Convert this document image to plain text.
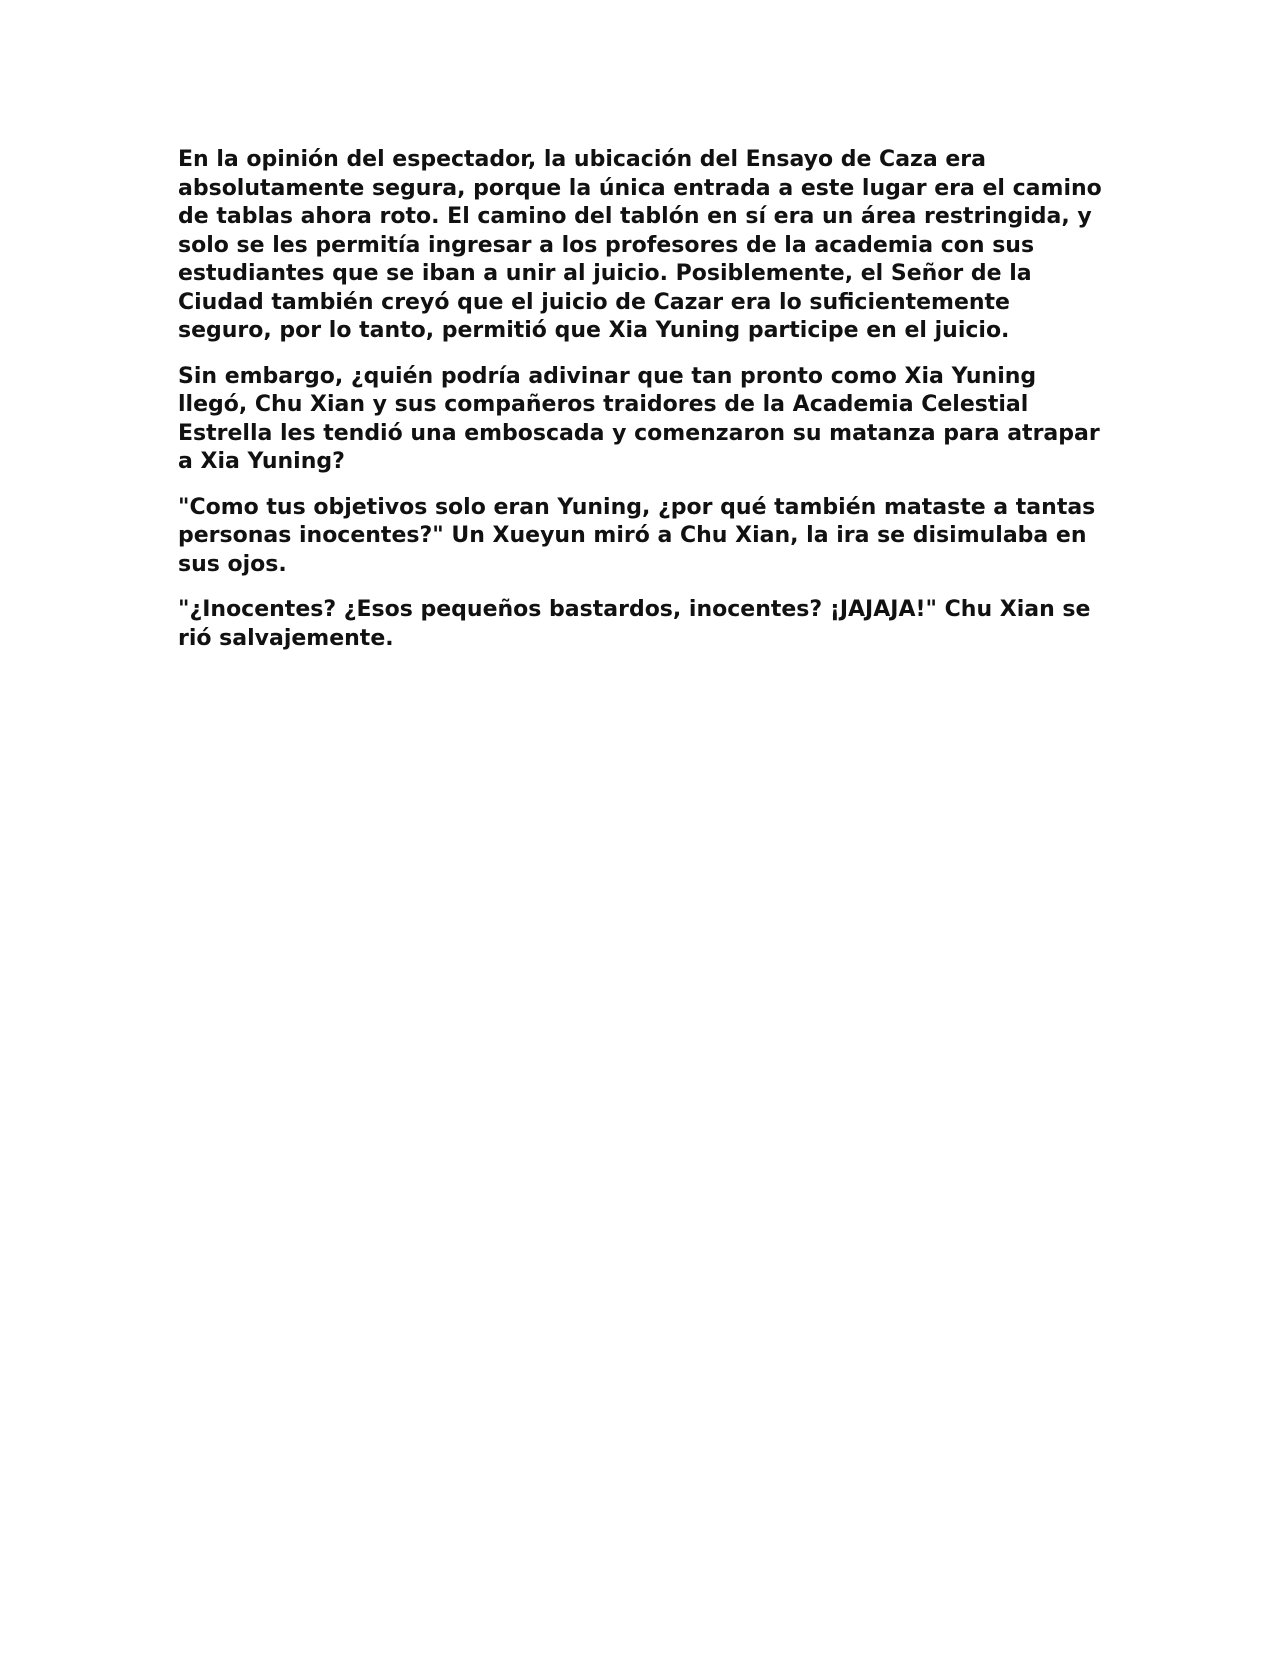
En la opinión del espectador, la ubicación del Ensayo de Caza era absolutamente segura, porque la única entrada a este lugar era el camino de tablas ahora roto. El camino del tablón en sí era un área restringida, y solo se les permitía ingresar a los profesores de la academia con sus estudiantes que se iban a unir al juicio. Posiblemente, el Señor de la Ciudad también creyó que el juicio de Cazar era lo suficientemente seguro, por lo tanto, permitió que Xia Yuning participe en el juicio.

Sin embargo, ¿quién podría adivinar que tan pronto como Xia Yuning llegó, Chu Xian y sus compañeros traidores de la Academia Celestial Estrella les tendió una emboscada y comenzaron su matanza para atrapar a Xia Yuning?

"Como tus objetivos solo eran Yuning, ¿por qué también mataste a tantas personas inocentes?" Un Xueyun miró a Chu Xian, la ira se disimulaba en sus ojos.

"¿Inocentes? ¿Esos pequeños bastardos, inocentes? ¡JAJAJA!" Chu Xian se rió salvajemente.
